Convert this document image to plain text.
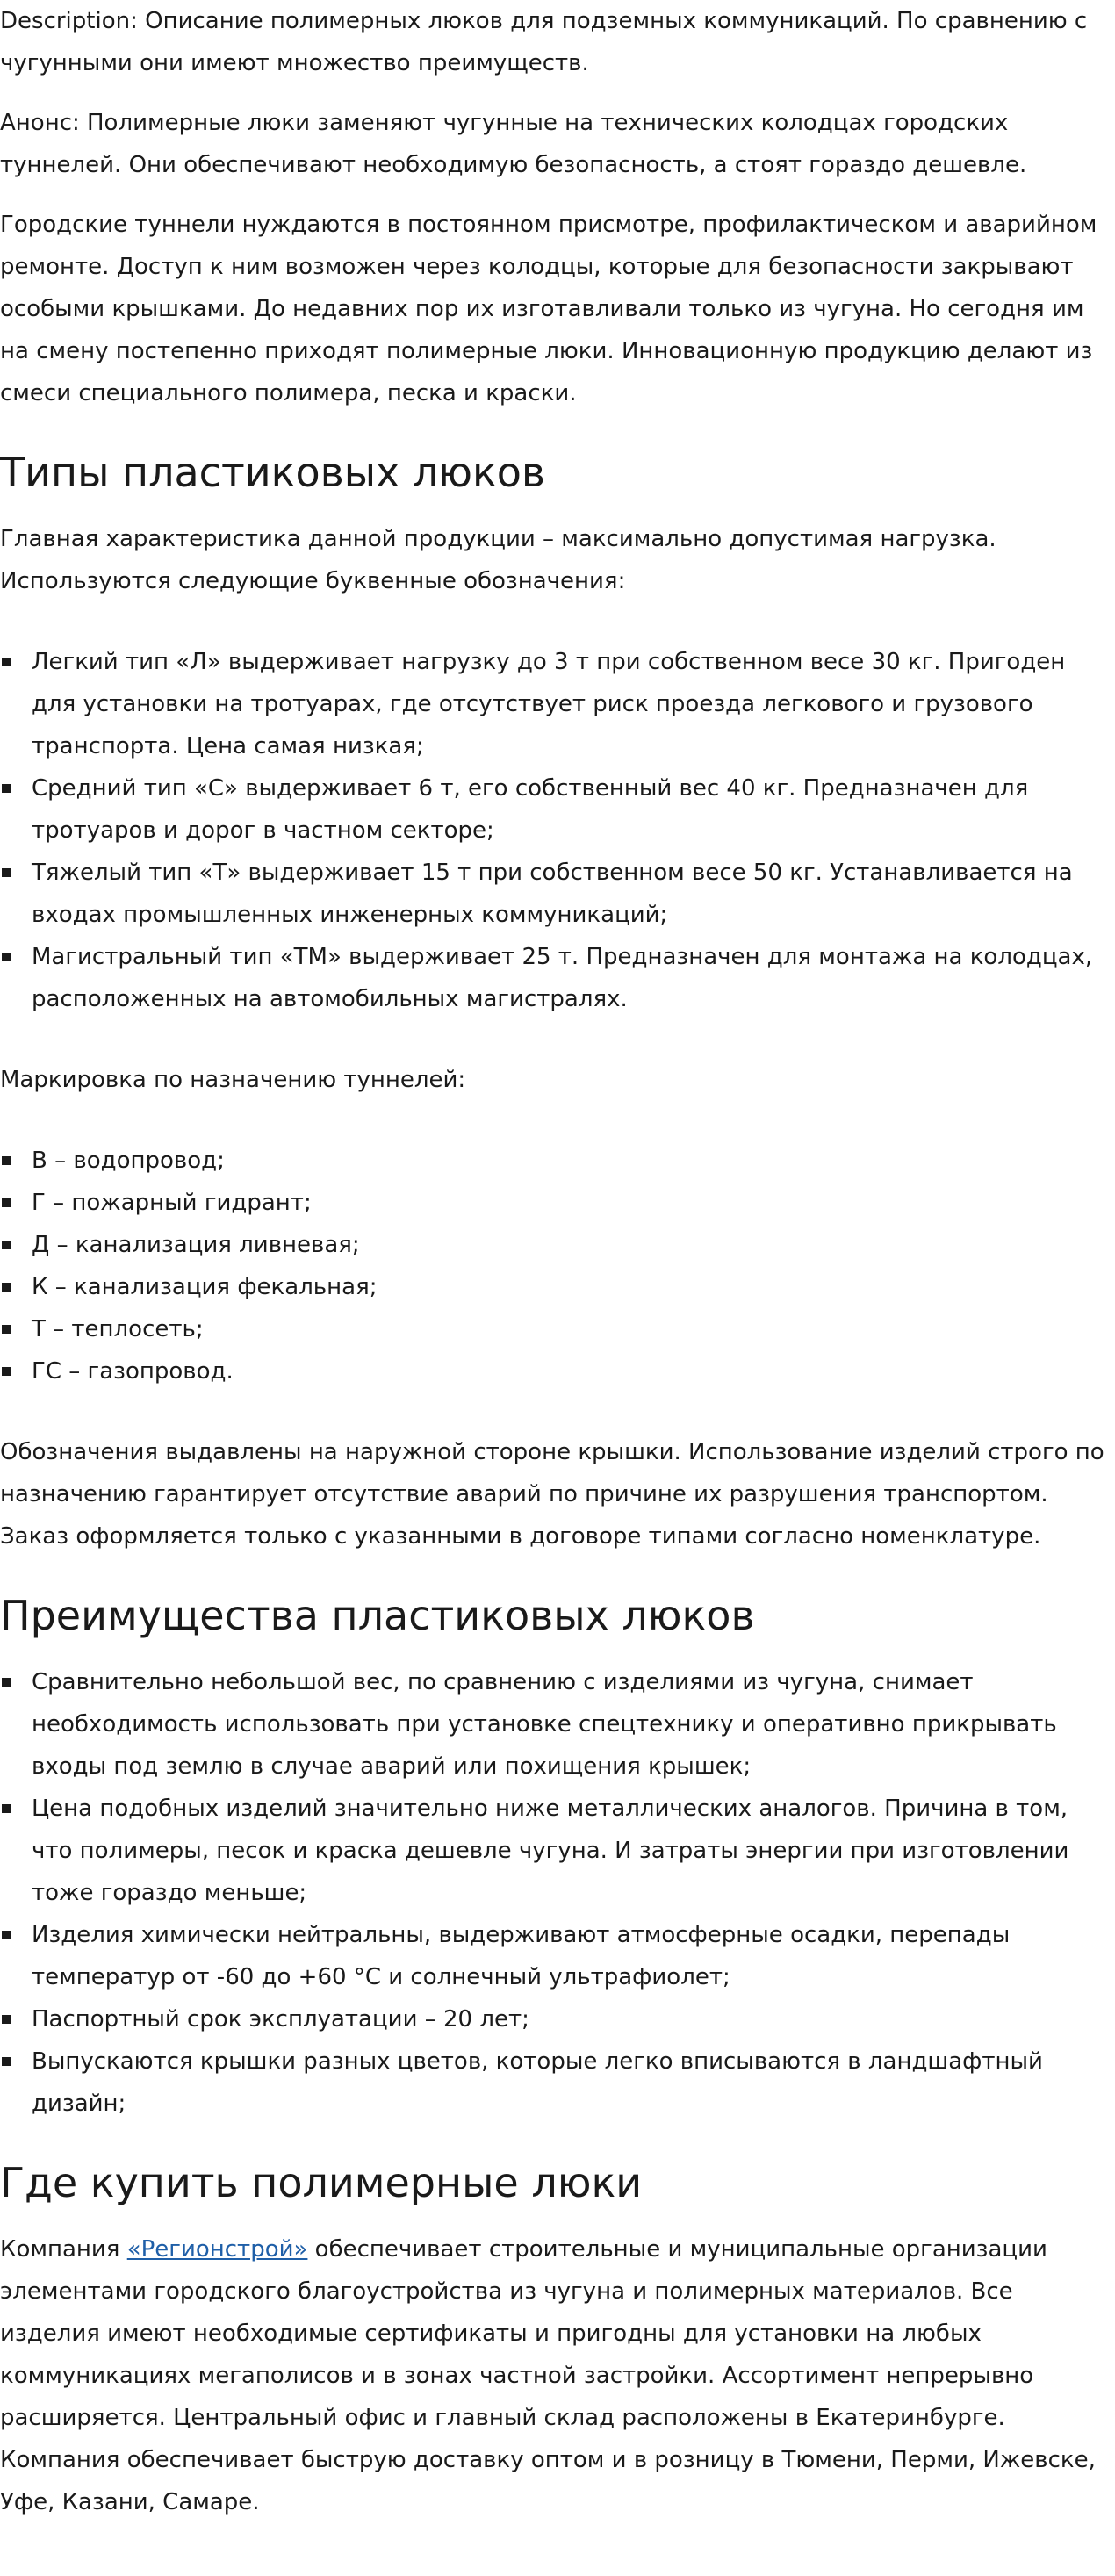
Description: Описание полимерных люков для подземных коммуникаций. По сравнению с чугунными они имеют множество преимуществ.

Анонс: Полимерные люки заменяют чугунные на технических колодцах городских туннелей. Они обеспечивают необходимую безопасность, а стоят гораздо дешевле.

Городские туннели нуждаются в постоянном присмотре, профилактическом и аварийном ремонте. Доступ к ним возможен через колодцы, которые для безопасности закрывают особыми крышками. До недавних пор их изготавливали только из чугуна. Но сегодня им на смену постепенно приходят полимерные люки. Инновационную продукцию делают из смеси специального полимера, песка и краски.

Типы пластиковых люков

Главная характеристика данной продукции – максимально допустимая нагрузка. Используются следующие буквенные обозначения:

Легкий тип «Л» выдерживает нагрузку до 3 т при собственном весе 30 кг. Пригоден для установки на тротуарах, где отсутствует риск проезда легкового и грузового транспорта. Цена самая низкая;
Средний тип «С» выдерживает 6 т, его собственный вес 40 кг. Предназначен для тротуаров и дорог в частном секторе;
Тяжелый тип «Т» выдерживает 15 т при собственном весе 50 кг. Устанавливается на входах промышленных инженерных коммуникаций;
Магистральный тип «ТМ» выдерживает 25 т. Предназначен для монтажа на колодцах, расположенных на автомобильных магистралях.

Маркировка по назначению туннелей:

В – водопровод;
Г – пожарный гидрант;
Д – канализация ливневая;
К – канализация фекальная;
Т – теплосеть;
ГС – газопровод.

Обозначения выдавлены на наружной стороне крышки. Использование изделий строго по назначению гарантирует отсутствие аварий по причине их разрушения транспортом. Заказ оформляется только с указанными в договоре типами согласно номенклатуре.

Преимущества пластиковых люков
Сравнительно небольшой вес, по сравнению с изделиями из чугуна, снимает необходимость использовать при установке спецтехнику и оперативно прикрывать входы под землю в случае аварий или похищения крышек;
Цена подобных изделий значительно ниже металлических аналогов. Причина в том, что полимеры, песок и краска дешевле чугуна. И затраты энергии при изготовлении тоже гораздо меньше;
Изделия химически нейтральны, выдерживают атмосферные осадки, перепады температур от -60 до +60 °С и солнечный ультрафиолет;
Паспортный срок эксплуатации – 20 лет;
Выпускаются крышки разных цветов, которые легко вписываются в ландшафтный дизайн;
Где купить полимерные люки

Компания «Регионстрой» обеспечивает строительные и муниципальные организации элементами городского благоустройства из чугуна и полимерных материалов. Все изделия имеют необходимые сертификаты и пригодны для установки на любых коммуникациях мегаполисов и в зонах частной застройки. Ассортимент непрерывно расширяется. Центральный офис и главный склад расположены в Екатеринбурге. Компания обеспечивает быструю доставку оптом и в розницу в Тюмени, Перми, Ижевске, Уфе, Казани, Самаре.
